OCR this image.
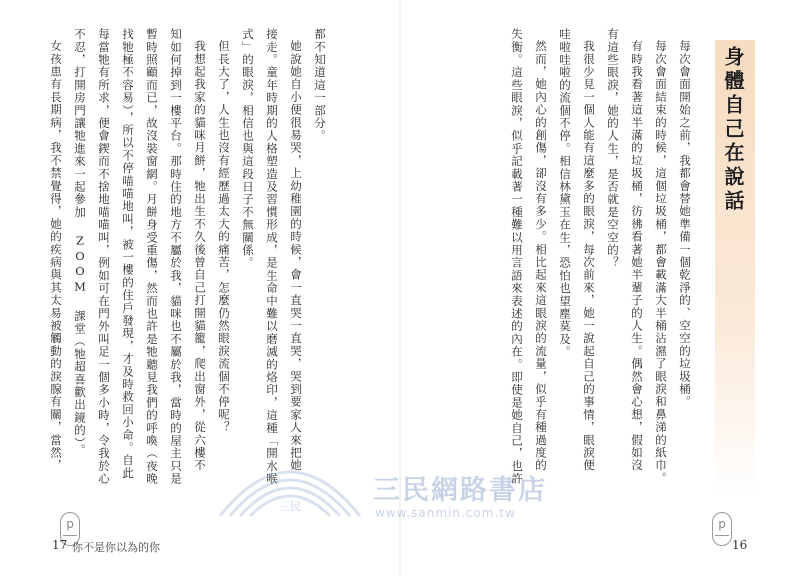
身體自己在說話
每次會面開始之前，我都會替她準備一個乾淨的、空空的垃圾桶。
每次會面結束的時候，這個垃圾桶，都會載滿大半桶沾濕了眼淚和鼻涕的紙巾。
有時我看著這半滿的垃圾桶，彷彿看著她半輩子的人生。偶然會心想，假如沒
有這些眼淚，她的人生，是否就是空空的？
我很少見一個人能有這麼多的眼淚，每次前來，她一說起自己的事情，眼淚便
哇啦哇啦的流個不停。相信林黛玉在生，恐怕也望塵莫及。
然而，她內心的創傷，卻沒有多少。相比起來這眼淚的流量，似乎有種過度的
失衡。這些眼淚，似乎記載著一種難以用言語來表述的內在。即使是她自己，也許
p
16
都不知道這一部分。
她說她自小便很易哭，上幼稚園的時候，會一直哭一直哭，哭到要家人來把她
接走。童年時期的人格塑造及習慣形成，是生命中難以磨滅的烙印，這種「開水喉
式」的眼淚，相信也與這段日子不無關係。
但長大了，人生也沒有經歷過太大的痛苦，怎麼仍然眼淚流個不停呢？
我想起我家的貓咪月餅，牠出生不久後曾自己打開貓籠，爬出窗外，從六樓不
知如何掉到一樓平台。那時住的地方不屬於我，貓咪也不屬於我，當時的屋主只是
暫時照顧而已，故沒裝窗網。月餅身受重傷，然而也許是牠聽見我們的呼喚（夜晚
找牠極不容易），所以不停喵喵地叫，被一樓的住戶發現，才及時救回小命。自此
每當牠有所求，便會鍥而不捨地喵喵叫，例如可在門外叫足一個多小時，令我於心
不忍，打開房門讓牠進來一起參加 ZOOM 課堂（牠超喜歡出鏡的）。
女孩患有長期病，我不禁覺得，她的疾病與其太易被觸動的淚腺有關，當然，
p
17 你不是你以為的你
三民
三民網路書店
www.sanmin.com.tw
